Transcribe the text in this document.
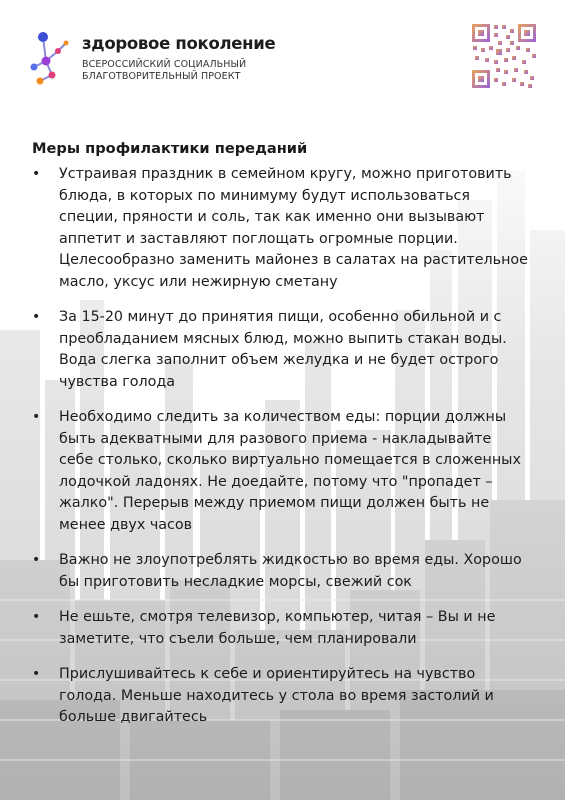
здоровое поколение
ВСЕРОССИЙСКИЙ СОЦИАЛЬНЫЙ
БЛАГОТВОРИТЕЛЬНЫЙ ПРОЕКТ
Меры профилактики переданий
• Устраивая праздник в семейном кругу, можно приготовить блюда, в которых по минимуму будут использоваться специи, пряности и соль, так как именно они вызывают аппетит и заставляют поглощать огромные порции. Целесообразно заменить майонез в салатах на растительное масло, уксус или нежирную сметану
• За 15-20 минут до принятия пищи, особенно обильной и с преобладанием мясных блюд, можно выпить стакан воды. Вода слегка заполнит объем желудка и не будет острого чувства голода
• Необходимо следить за количеством еды: порции должны быть адекватными для разового приема - накладывайте себе столько, сколько виртуально помещается в сложенных лодочкой ладонях. Не доедайте, потому что "пропадет – жалко". Перерыв между приемом пищи должен быть не менее двух часов
• Важно не злоупотреблять жидкостью во время еды. Хорошо бы приготовить несладкие морсы, свежий сок
• Не ешьте, смотря телевизор, компьютер, читая – Вы и не заметите, что съели больше, чем планировали
• Прислушивайтесь к себе и ориентируйтесь на чувство голода. Меньше находитесь у стола во время застолий и больше двигайтесь
